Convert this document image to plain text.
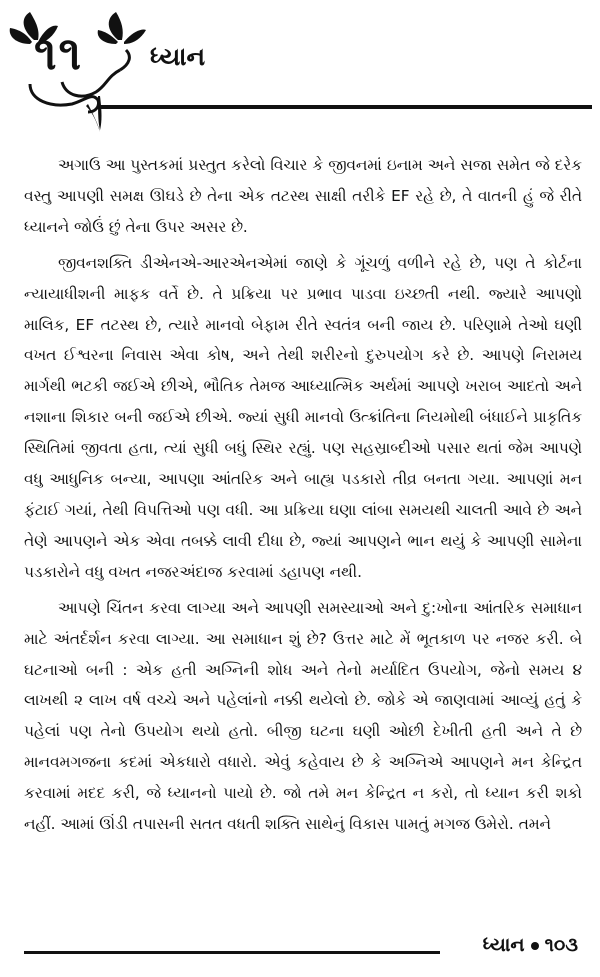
૧૧	ધ્યાન

અગાઉ આ પુસ્તકમાં પ્રસ્તુત કરેલો વિચાર કે જીવનમાં ઇનામ અને સજા સમેત જે દરેક વસ્તુ આપણી સમક્ષ ઊઘડે છે તેના એક તટસ્થ સાક્ષી તરીકે EF રહે છે, તે વાતની હું જે રીતે ધ્યાનને જોઉં છું તેના ઉપર અસર છે.

જીવનશક્તિ ડીએનએ-આરએનએમાં જાણે કે ગૂંચળું વળીને રહે છે, પણ તે કોર્ટના ન્યાયાધીશની માફક વર્તે છે. તે પ્રક્રિયા પર પ્રભાવ પાડવા ઇચ્છતી નથી. જ્યારે આપણો માલિક, EF તટસ્થ છે, ત્યારે માનવો બેફામ રીતે સ્વતંત્ર બની જાય છે. પરિણામે તેઓ ઘણી વખત ઈશ્વરના નિવાસ એવા કોષ, અને તેથી શરીરનો દુરુપયોગ કરે છે. આપણે નિરામય માર્ગથી ભટકી જઈએ છીએ, ભૌતિક તેમજ આધ્યાત્મિક અર્થમાં આપણે ખરાબ આદતો અને નશાના શિકાર બની જઈએ છીએ. જ્યાં સુધી માનવો ઉત્ક્રાંતિના નિયમોથી બંધાઈને પ્રાકૃતિક સ્થિતિમાં જીવતા હતા, ત્યાં સુધી બધું સ્થિર રહ્યું. પણ સહસ્રાબ્દીઓ પસાર થતાં જેમ આપણે વધુ આધુનિક બન્યા, આપણા આંતરિક અને બાહ્ય પડકારો તીવ્ર બનતા ગયા. આપણાં મન ફંટાઈ ગયાં, તેથી વિપત્તિઓ પણ વધી. આ પ્રક્રિયા ઘણા લાંબા સમયથી ચાલતી આવે છે અને તેણે આપણને એક એવા તબક્કે લાવી દીધા છે, જ્યાં આપણને ભાન થયું કે આપણી સામેના પડકારોને વધુ વખત નજરઅંદાજ કરવામાં ડહાપણ નથી.

આપણે ચિંતન કરવા લાગ્યા અને આપણી સમસ્યાઓ અને દુ:ખોના આંતરિક સમાધાન માટે અંતર્દર્શન કરવા લાગ્યા. આ સમાધાન શું છે? ઉત્તર માટે મેં ભૂતકાળ પર નજર કરી. બે ઘટનાઓ બની : એક હતી અગ્નિની શોધ અને તેનો મર્યાદિત ઉપયોગ, જેનો સમય ૪ લાખથી ૨ લાખ વર્ષ વચ્ચે અને પહેલાંનો નક્કી થયેલો છે. જોકે એ જાણવામાં આવ્યું હતું કે પહેલાં પણ તેનો ઉપયોગ થયો હતો. બીજી ઘટના ઘણી ઓછી દેખીતી હતી અને તે છે માનવમગજના કદમાં એકધારો વધારો. એવું કહેવાય છે કે અગ્નિએ આપણને મન કેન્દ્રિત કરવામાં મદદ કરી, જે ધ્યાનનો પાયો છે. જો તમે મન કેન્દ્રિત ન કરો, તો ધ્યાન કરી શકો નહીં. આમાં ઊંડી તપાસની સતત વધતી શક્તિ સાથેનું વિકાસ પામતું મગજ ઉમેરો. તમને

ધ્યાન ૧૦૩
